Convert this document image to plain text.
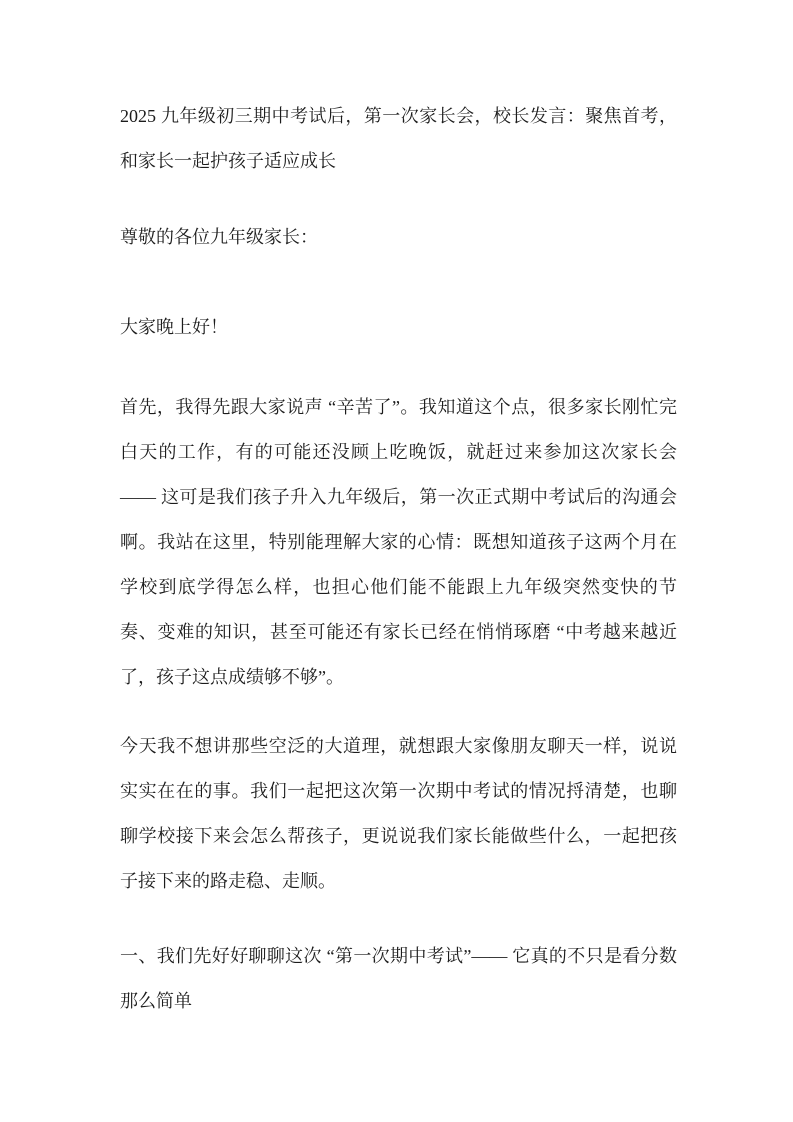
2025 九年级初三期中考试后，第一次家长会，校长发言：聚焦首考，和家长一起护孩子适应成长
尊敬的各位九年级家长：
大家晚上好！
首先，我得先跟大家说声 “辛苦了”。我知道这个点，很多家长刚忙完白天的工作，有的可能还没顾上吃晚饭，就赶过来参加这次家长会—— 这可是我们孩子升入九年级后，第一次正式期中考试后的沟通会啊。我站在这里，特别能理解大家的心情：既想知道孩子这两个月在学校到底学得怎么样，也担心他们能不能跟上九年级突然变快的节奏、变难的知识，甚至可能还有家长已经在悄悄琢磨 “中考越来越近了，孩子这点成绩够不够”。
今天我不想讲那些空泛的大道理，就想跟大家像朋友聊天一样，说说实实在在的事。我们一起把这次第一次期中考试的情况捋清楚，也聊聊学校接下来会怎么帮孩子，更说说我们家长能做些什么，一起把孩子接下来的路走稳、走顺。
一、我们先好好聊聊这次 “第一次期中考试”—— 它真的不只是看分数那么简单
